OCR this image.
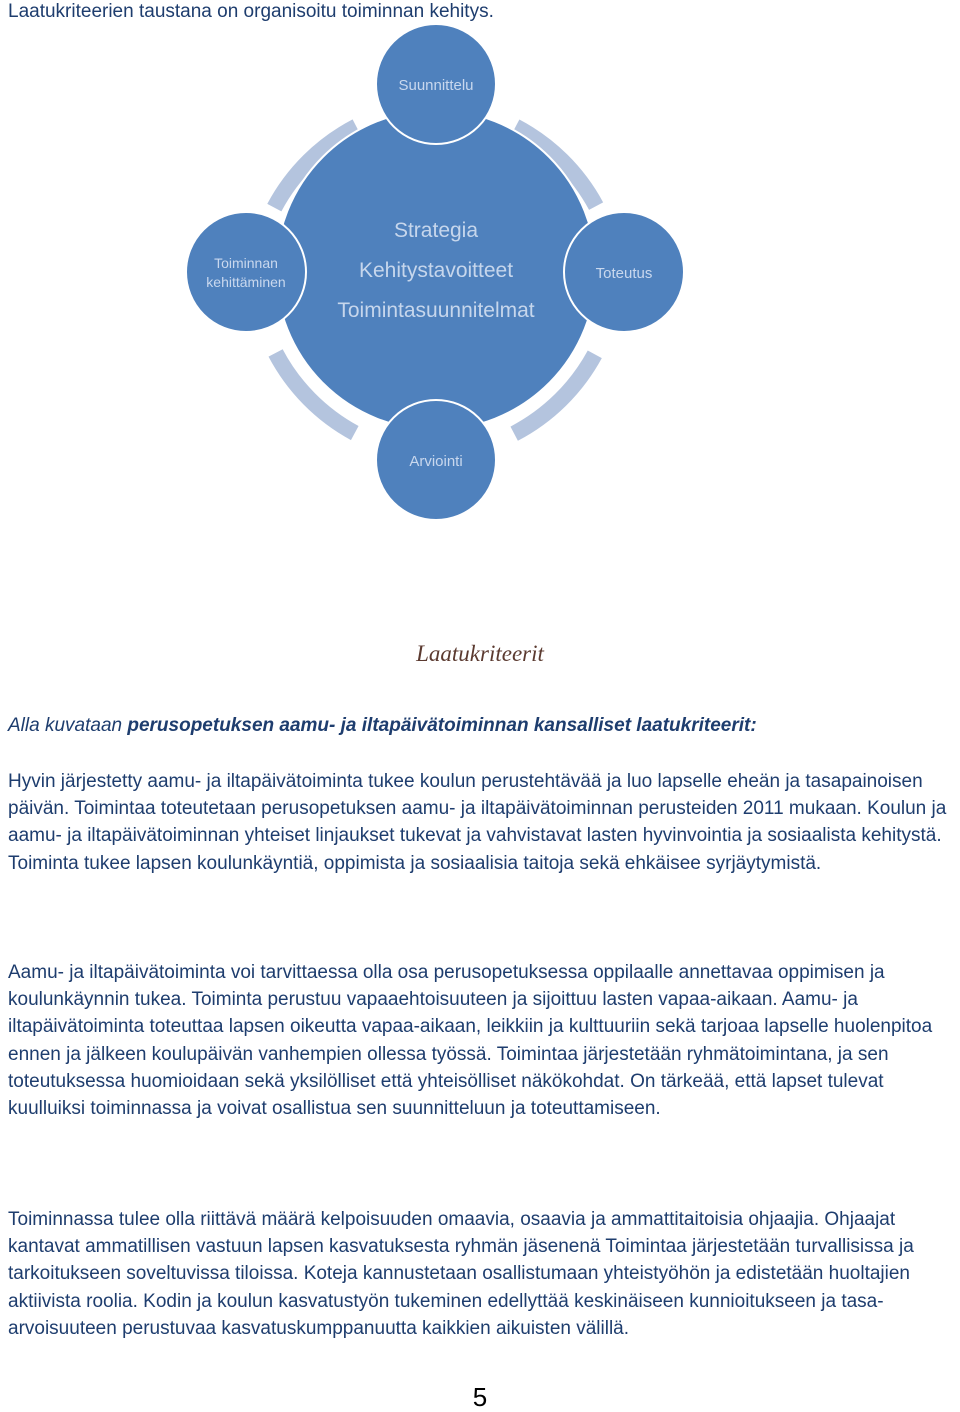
Laatukriteerien taustana on organisoitu toiminnan kehitys.

Strategia
Kehitystavoitteet
Toimintasuunnitelmat
Suunnittelu
Toteutus
Arviointi
Toiminnan
kehittäminen
Laatukriteerit

Alla kuvataan perusopetuksen aamu- ja iltapäivätoiminnan kansalliset laatukriteerit:

Hyvin järjestetty aamu- ja iltapäivätoiminta tukee koulun perustehtävää ja luo lapselle eheän ja tasapainoisen päivän. Toimintaa toteutetaan perusopetuksen aamu- ja iltapäivätoiminnan perusteiden 2011 mukaan. Koulun ja aamu- ja iltapäivätoiminnan yhteiset linjaukset tukevat ja vahvistavat lasten hyvinvointia ja sosiaalista kehitystä. Toiminta tukee lapsen koulunkäyntiä, oppimista ja sosiaalisia taitoja sekä ehkäisee syrjäytymistä.

Aamu- ja iltapäivätoiminta voi tarvittaessa olla osa perusopetuksessa oppilaalle annettavaa oppimisen ja koulunkäynnin tukea. Toiminta perustuu vapaaehtoisuuteen ja sijoittuu lasten vapaa-aikaan. Aamu- ja iltapäivätoiminta toteuttaa lapsen oikeutta vapaa-aikaan, leikkiin ja kulttuuriin sekä tarjoaa lapselle huolenpitoa ennen ja jälkeen koulupäivän vanhempien ollessa työssä. Toimintaa järjestetään ryhmätoimintana, ja sen toteutuksessa huomioidaan sekä yksilölliset että yhteisölliset näkökohdat. On tärkeää, että lapset tulevat kuulluiksi toiminnassa ja voivat osallistua sen suunnitteluun ja toteuttamiseen.

Toiminnassa tulee olla riittävä määrä kelpoisuuden omaavia, osaavia ja ammattitaitoisia ohjaajia. Ohjaajat kantavat ammatillisen vastuun lapsen kasvatuksesta ryhmän jäsenenä Toimintaa järjestetään turvallisissa ja tarkoitukseen soveltuvissa tiloissa. Koteja kannustetaan osallistumaan yhteistyöhön ja edistetään huoltajien aktiivista roolia. Kodin ja koulun kasvatustyön tukeminen edellyttää keskinäiseen kunnioitukseen ja tasa-arvoisuuteen perustuvaa kasvatuskumppanuutta kaikkien aikuisten välillä.

5
